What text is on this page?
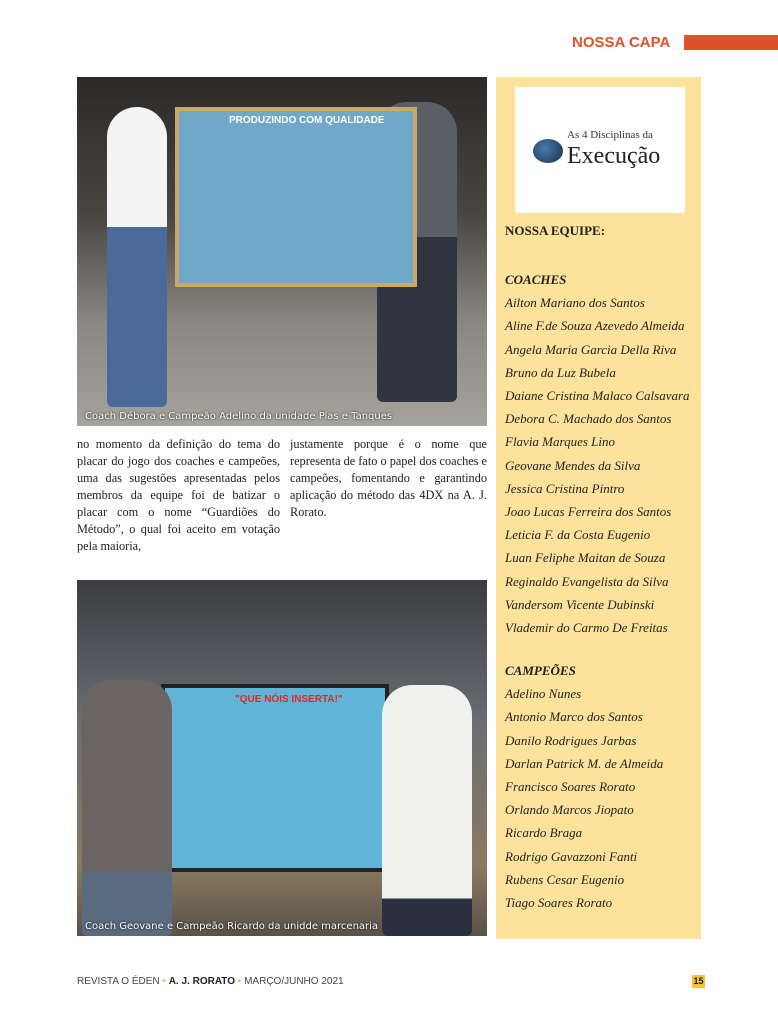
NOSSA CAPA
PRODUZINDO COM QUALIDADE
Coach Débora e Campeão Adelino da unidade Pias e Tanques

no momento da definição do tema do placar do jogo dos coaches e campeões, uma das sugestões apresentadas pelos membros da equipe foi de batizar o placar com o nome “Guardiões do Método”, o qual foi aceito em votação pela maioria,

justamente porque é o nome que representa de fato o papel dos coaches e campeões, fomentando e garantindo aplicação do método das 4DX na A. J. Rorato.

"QUE NÓIS INSERTA!"
Coach Geovane e Campeão Ricardo da unidde marcenaria
As 4 Disciplinas da
Execução
NOSSA EQUIPE:
COACHES
Ailton Mariano dos Santos
Aline F.de Souza Azevedo Almeida
Angela Maria Garcia Della Riva
Bruno da Luz Bubela
Daiane Cristina Malaco Calsavara
Debora C. Machado dos Santos
Flavia Marques Lino
Geovane Mendes da Silva
Jessica Cristina Pintro
Joao Lucas Ferreira dos Santos
Leticia F. da Costa Eugenio
Luan Feliphe Maitan de Souza
Reginaldo Evangelista da Silva
Vandersom Vicente Dubinski
Vlademir do Carmo De Freitas
CAMPEÕES
Adelino Nunes
Antonio Marco dos Santos
Danilo Rodrigues Jarbas
Darlan Patrick M. de Almeida
Francisco Soares Rorato
Orlando Marcos Jiopato
Ricardo Braga
Rodrigo Gavazzoni Fanti
Rubens Cesar Eugenio
Tiago Soares Rorato
REVISTA O ÉDEN • A. J. RORATO • MARÇO/JUNHO 2021	15
